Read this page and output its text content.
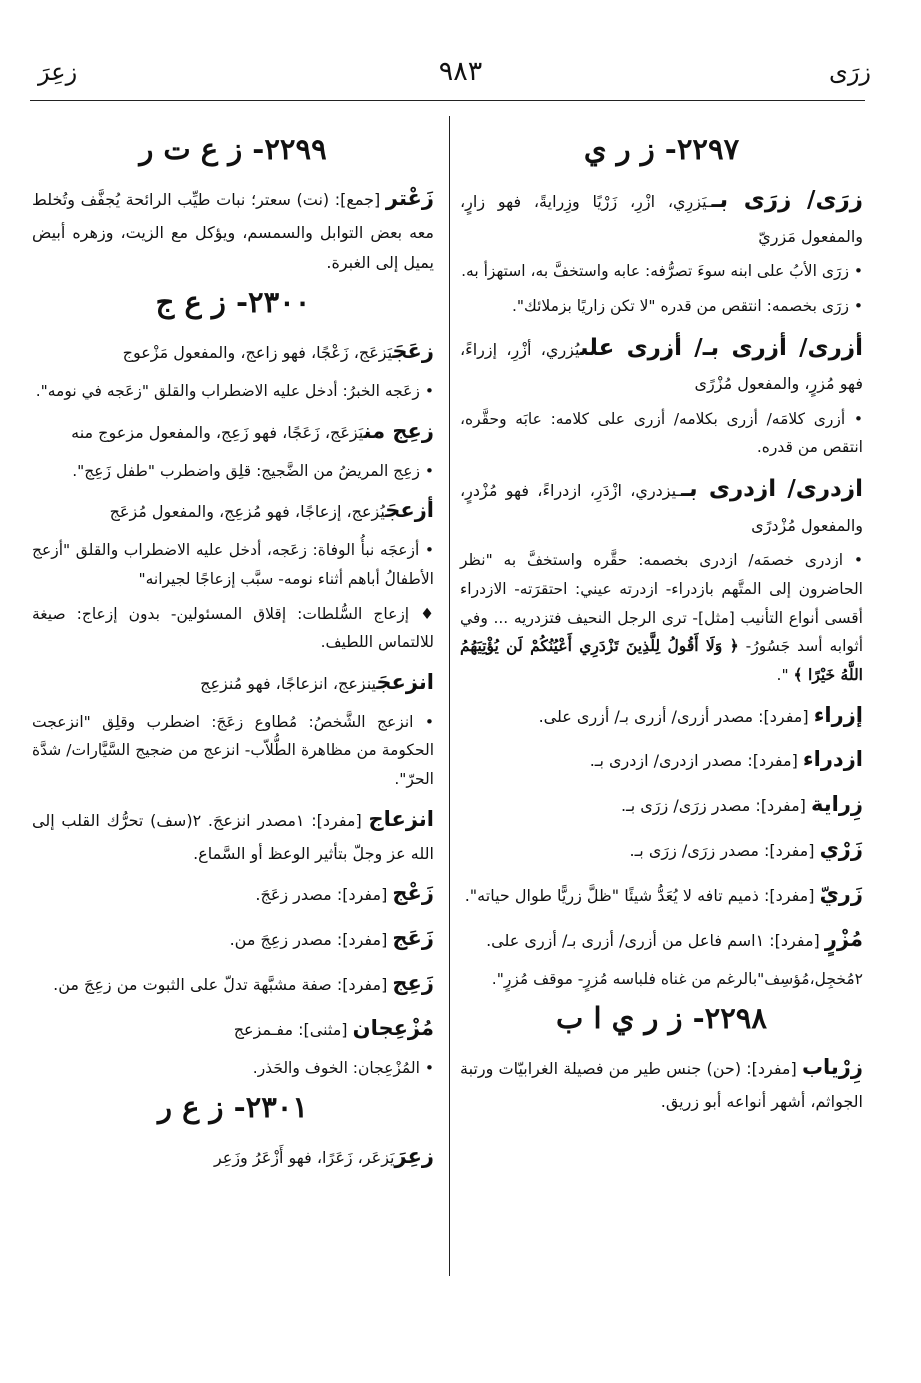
زرَى
٩٨٣
زعِرَ
٢٢٩٧- ز ر ي

زرَى/ زرَى بــيَزرِي، ازْرِ، زَرْيًا وزِرايةً، فهو زارٍ، والمفعول مَزريّ

• زرَى الأبُ على ابنه سوءَ تصرُّفه: عابه واستخفَّ به، استهزأ به.

• زرَى بخصمه: انتقص من قدره "لا تكن زاريًا بزملائك".

أزرى/ أزرى بـ/ أزرى علىيُزري، أزْرِ، إزراءً، فهو مُزرٍ، والمفعول مُزْرًى

• أزرى كلامَه/ أزرى بكلامه/ أزرى على كلامه: عابَه وحقَّره، انتقص من قدره.

ازدرى/ ازدرى بــيزدري، ازْدَرِ، ازدراءً، فهو مُزْدرٍ، والمفعول مُزْدرًى

• ازدرى خصمَه/ ازدرى بخصمه: حقَّره واستخفَّ به "نظر الحاضرون إلى المتَّهم بازدراء- ازدرته عيني: احتقرَته- الازدراء أقسى أنواع التأنيب [مثل]- ترى الرجل النحيف فتزدريه ... وفي أثوابه أسد جَسُورُ- ﴿ وَلَا أَقُولُ لِلَّذِينَ تَزْدَرِي أَعْيُنُكُمْ لَن يُؤْتِيَهُمُ اللَّهُ خَيْرًا ﴾ ".

إزراء [مفرد]: مصدر أزرى/ أزرى بـ/ أزرى على.

ازدراء [مفرد]: مصدر ازدرى/ ازدرى بـ.

زِراية [مفرد]: مصدر زرَى/ زرَى بـ.

زَرْي [مفرد]: مصدر زرَى/ زرَى بـ.

زَريّ [مفرد]: ذميم تافه لا يُعَدُّ شيئًا "ظلَّ زريًّا طوال حياته".

مُزْرٍ [مفرد]: ١اسم فاعل من أزرى/ أزرى بـ/ أزرى على.

٢مُخجِل،مُؤسِف"بالرغم من غناه فلباسه مُزرٍ- موقف مُزرٍ".

٢٢٩٨- ز ر ي ا ب

زِرْياب [مفرد]: (حن) جنس طير من فصيلة الغرابيّات ورتبة الجواثم، أشهر أنواعه أبو زريق.

٢٢٩٩- ز ع ت ر

زَعْتر [جمع]: (نت) سعتر؛ نبات طيِّب الرائحة يُجفَّف وتُخلط معه بعض التوابل والسمسم، ويؤكل مع الزيت، وزهره أبيض يميل إلى الغبرة.

٢٣٠٠- ز ع ج

زعَجَيَزعَج، زَعْجًا، فهو زاعج، والمفعول مَزْعوج

• زعَجه الخبرُ: أدخل عليه الاضطراب والقلق "زعَجه في نومه".

زعِج منيَزعَج، زَعَجًا، فهو زَعِج، والمفعول مزعوج منه

• زعِج المريضُ من الضَّجيج: قلِق واضطرب "طفل زَعِج".

أزعجَيُزعج، إزعاجًا، فهو مُزعِج، والمفعول مُزعَج

• أزعجَه نبأُ الوفاة: زعَجه، أدخل عليه الاضطراب والقلق "أزعج الأطفالُ أباهم أثناء نومه- سبَّب إزعاجًا لجيرانه"

♦ إزعاج السُّلطات: إقلاق المسئولين- بدون إزعاج: صيغة للالتماس اللطيف.

انزعجَينزعج، انزعاجًا، فهو مُنزعِج

• انزعج الشَّخصُ: مُطاوع زعَجَ: اضطرب وقلِق "انزعجت الحكومة من مظاهرة الطُّلاّب- انزعج من ضجيج السَّيَّارات/ شدَّة الحرّ".

انزعاج [مفرد]: ١مصدر انزعجَ. ٢(سف) تحرُّك القلب إلى الله عز وجلّ بتأثير الوعظ أو السَّماع.

زَعْج [مفرد]: مصدر زعَجَ.

زَعَج [مفرد]: مصدر زعِجَ من.

زَعِج [مفرد]: صفة مشبَّهة تدلّ على الثبوت من زعِجَ من.

مُزْعِجان [مثنى]: مفـمزعج

• المُزْعِجان: الخوف والحَذر.

٢٣٠١- ز ع ر

زعِرَيَزعَر، زَعَرًا، فهو أَزْعَرُ وزَعِر
